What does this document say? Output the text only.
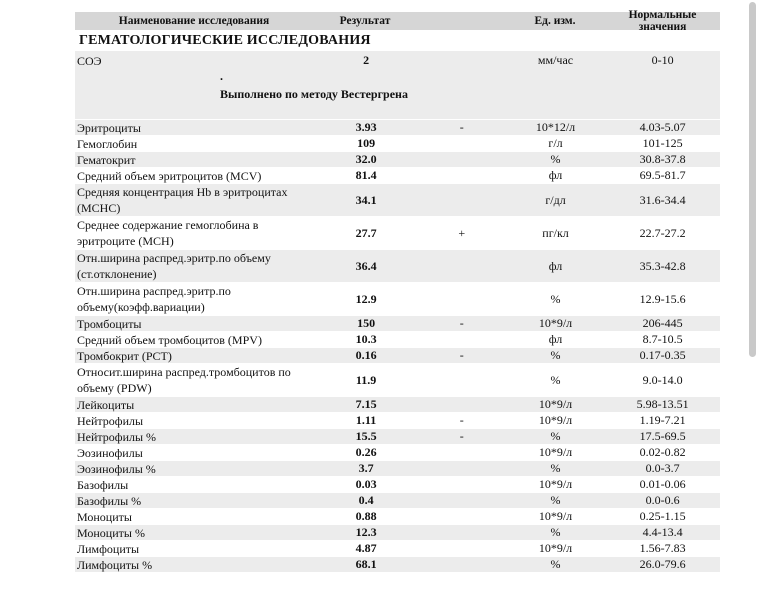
Наименование исследования	Результат	Ед. изм.	Нормальные значения
ГЕМАТОЛОГИЧЕСКИЕ ИССЛЕДОВАНИЯ
СОЭ	2	мм/час	0-10
.
Выполнено по методу Вестергрена
Эритроциты	3.93	-	10*12/л	4.03-5.07
Гемоглобин	109	г/л	101-125
Гематокрит	32.0	%	30.8-37.8
Средний объем эритроцитов (MCV)	81.4	фл	69.5-81.7
Средняя концентрация Hb в эритроцитах (MCHC)
34.1	г/дл	31.6-34.4
Среднее содержание гемоглобина в эритроците (MCH)
27.7	+	пг/кл	22.7-27.2
Отн.ширина распред.эритр.по объему (ст.отклонение)
36.4	фл	35.3-42.8
Отн.ширина распред.эритр.по объему(коэфф.вариации)
12.9	%	12.9-15.6
Тромбоциты	150	-	10*9/л	206-445
Средний объем тромбоцитов (MPV)	10.3	фл	8.7-10.5
Тромбокрит (PCT)	0.16	-	%	0.17-0.35
Относит.ширина распред.тромбоцитов по объему (PDW)
11.9	%	9.0-14.0
Лейкоциты	7.15	10*9/л	5.98-13.51
Нейтрофилы	1.11	-	10*9/л	1.19-7.21
Нейтрофилы %	15.5	-	%	17.5-69.5
Эозинофилы	0.26	10*9/л	0.02-0.82
Эозинофилы %	3.7	%	0.0-3.7
Базофилы	0.03	10*9/л	0.01-0.06
Базофилы %	0.4	%	0.0-0.6
Моноциты	0.88	10*9/л	0.25-1.15
Моноциты %	12.3	%	4.4-13.4
Лимфоциты	4.87	10*9/л	1.56-7.83
Лимфоциты %	68.1	%	26.0-79.6
